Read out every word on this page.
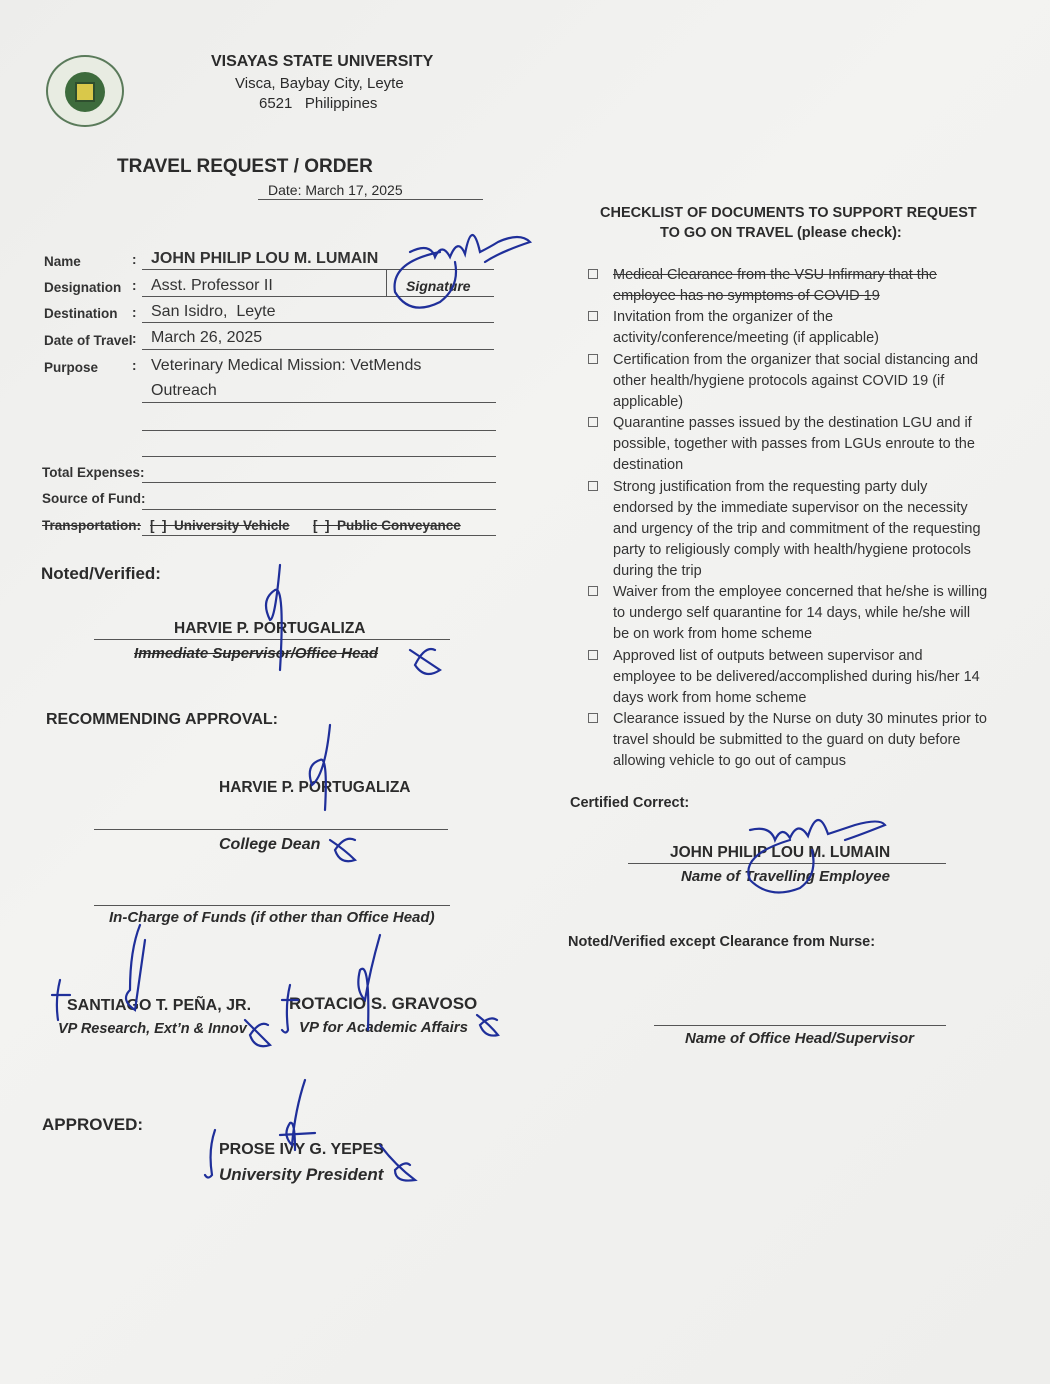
VISAYAS STATE UNIVERSITY
Visca, Baybay City, Leyte
6521   Philippines
TRAVEL REQUEST / ORDER
Date: March 17, 2025
Name	: JOHN PHILIP LOU M. LUMAIN
Designation : Asst. Professor II	Signature
Destination : San Isidro,  Leyte
Date of Travel : March 26, 2025
Purpose	: Veterinary Medical Mission: VetMends
Outreach
Total Expenses:
Source of Fund:
Transportation: [  ]  University Vehicle [  ]  Public Conveyance
Noted/Verified:
HARVIE P. PORTUGALIZA
Immediate Supervisor/Office Head
RECOMMENDING APPROVAL:
HARVIE P. PORTUGALIZA
College Dean
In-Charge of Funds (if other than Office Head)
SANTIAGO T. PEÑA, JR.
VP Research, Ext’n & Innov
ROTACIO S. GRAVOSO
VP for Academic Affairs
APPROVED:
PROSE IVY G. YEPES
University President
CHECKLIST OF DOCUMENTS TO SUPPORT REQUEST
TO GO ON TRAVEL (please check):
Medical Clearance from the VSU Infirmary that the employee has no symptoms of COVID 19
Invitation from the organizer of the activity/conference/meeting (if applicable)
Certification from the organizer that social distancing and other health/hygiene protocols against COVID 19 (if applicable)
Quarantine passes issued by the destination LGU and if possible, together with passes from LGUs enroute to the destination
Strong justification from the requesting party duly endorsed by the immediate supervisor on the necessity and urgency of the trip and commitment of the requesting party to religiously comply with health/hygiene protocols during the trip
Waiver from the employee concerned that he/she is willing to undergo self quarantine for 14 days, while he/she will be on work from home scheme
Approved list of outputs between supervisor and employee to be delivered/accomplished during his/her 14 days work from home scheme
Clearance issued by the Nurse on duty 30 minutes prior to travel should be submitted to the guard on duty before allowing vehicle to go out of campus
Certified Correct:
JOHN PHILIP LOU M. LUMAIN
Name of Travelling Employee
Noted/Verified except Clearance from Nurse:
Name of Office Head/Supervisor
